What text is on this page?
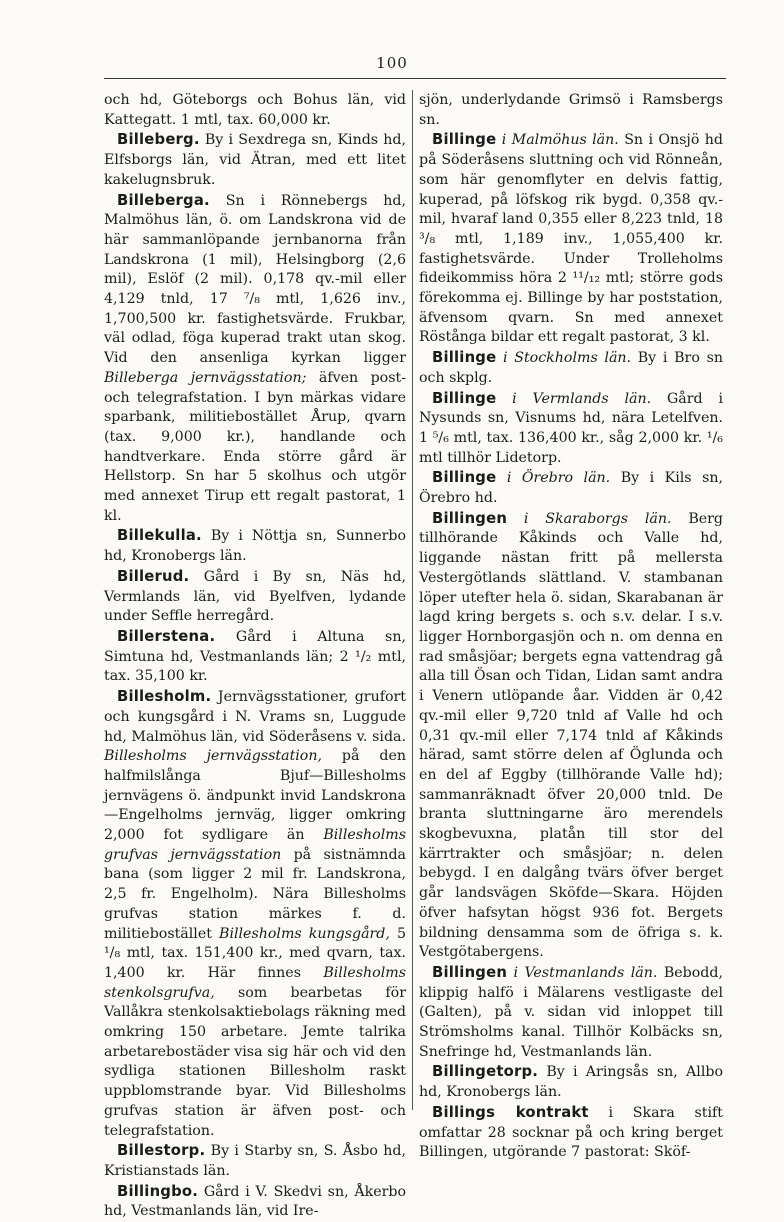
100

och hd, Göteborgs och Bohus län, vid Kattegatt. 1 mtl, tax. 60,000 kr.

Billeberg. By i Sexdrega sn, Kinds hd, Elfsborgs län, vid Ätran, med ett litet kakelugnsbruk.

Billeberga. Sn i Rönnebergs hd, Malmöhus län, ö. om Landskrona vid de här sammanlöpande jernbanorna från Landskrona (1 mil), Helsingborg (2,6 mil), Eslöf (2 mil). 0,178 qv.-mil eller 4,129 tnld, 17 ⁷/₈ mtl, 1,626 inv., 1,700,500 kr. fastighetsvärde. Frukbar, väl odlad, föga kuperad trakt utan skog. Vid den ansenliga kyrkan ligger Billeberga jernvägsstation; äfven post- och telegrafstation. I byn märkas vidare sparbank, militiebostället Årup, qvarn (tax. 9,000 kr.), handlande och handtverkare. Enda större gård är Hellstorp. Sn har 5 skolhus och utgör med annexet Tirup ett regalt pastorat, 1 kl.

Billekulla. By i Nöttja sn, Sunnerbo hd, Kronobergs län.

Billerud. Gård i By sn, Näs hd, Vermlands län, vid Byelfven, lydande under Seffle herregård.

Billerstena. Gård i Altuna sn, Simtuna hd, Vestmanlands län; 2 ¹/₂ mtl, tax. 35,100 kr.

Billesholm. Jernvägsstationer, grufort och kungsgård i N. Vrams sn, Luggude hd, Malmöhus län, vid Söderåsens v. sida. Billesholms jernvägsstation, på den halfmilslånga Bjuf—Billesholms jernvägens ö. ändpunkt invid Landskrona—Engelholms jernväg, ligger omkring 2,000 fot sydligare än Billesholms grufvas jernvägsstation på sistnämnda bana (som ligger 2 mil fr. Landskrona, 2,5 fr. Engelholm). Nära Billesholms grufvas station märkes f. d. militiebostället Billesholms kungsgård, 5 ¹/₈ mtl, tax. 151,400 kr., med qvarn, tax. 1,400 kr. Här finnes Billesholms stenkolsgrufva, som bearbetas för Vallåkra stenkolsaktiebolags räkning med omkring 150 arbetare. Jemte talrika arbetarebostäder visa sig här och vid den sydliga stationen Billesholm raskt uppblomstrande byar. Vid Billesholms grufvas station är äfven post- och telegrafstation.

Billestorp. By i Starby sn, S. Åsbo hd, Kristianstads län.

Billingbo. Gård i V. Skedvi sn, Åkerbo hd, Vestmanlands län, vid Ire-

sjön, underlydande Grimsö i Ramsbergs sn.

Billinge i Malmöhus län. Sn i Onsjö hd på Söderåsens sluttning och vid Rönneån, som här genomflyter en delvis fattig, kuperad, på löfskog rik bygd. 0,358 qv.-mil, hvaraf land 0,355 eller 8,223 tnld, 18 ³/₈ mtl, 1,189 inv., 1,055,400 kr. fastighetsvärde. Under Trolleholms fideikommiss höra 2 ¹¹/₁₂ mtl; större gods förekomma ej. Billinge by har poststation, äfvensom qvarn. Sn med annexet Röstånga bildar ett regalt pastorat, 3 kl.

Billinge i Stockholms län. By i Bro sn och skplg.

Billinge i Vermlands län. Gård i Nysunds sn, Visnums hd, nära Letelfven. 1 ⁵/₆ mtl, tax. 136,400 kr., såg 2,000 kr. ¹/₆ mtl tillhör Lidetorp.

Billinge i Örebro län. By i Kils sn, Örebro hd.

Billingen i Skaraborgs län. Berg tillhörande Kåkinds och Valle hd, liggande nästan fritt på mellersta Vestergötlands slättland. V. stambanan löper utefter hela ö. sidan, Skarabanan är lagd kring bergets s. och s.v. delar. I s.v. ligger Hornborgasjön och n. om denna en rad småsjöar; bergets egna vattendrag gå alla till Ösan och Tidan, Lidan samt andra i Venern utlöpande åar. Vidden är 0,42 qv.-mil eller 9,720 tnld af Valle hd och 0,31 qv.-mil eller 7,174 tnld af Kåkinds härad, samt större delen af Öglunda och en del af Eggby (tillhörande Valle hd); sammanräknadt öfver 20,000 tnld. De branta sluttningarne äro merendels skogbevuxna, platån till stor del kärrtrakter och småsjöar; n. delen bebygd. I en dalgång tvärs öfver berget går landsvägen Sköfde—Skara. Höjden öfver hafsytan högst 936 fot. Bergets bildning densamma som de öfriga s. k. Vestgötabergens.

Billingen i Vestmanlands län. Bebodd, klippig halfö i Mälarens vestligaste del (Galten), på v. sidan vid inloppet till Strömsholms kanal. Tillhör Kolbäcks sn, Snefringe hd, Vestmanlands län.

Billingetorp. By i Aringsås sn, Allbo hd, Kronobergs län.

Billings kontrakt i Skara stift omfattar 28 socknar på och kring berget Billingen, utgörande 7 pastorat: Sköf-
